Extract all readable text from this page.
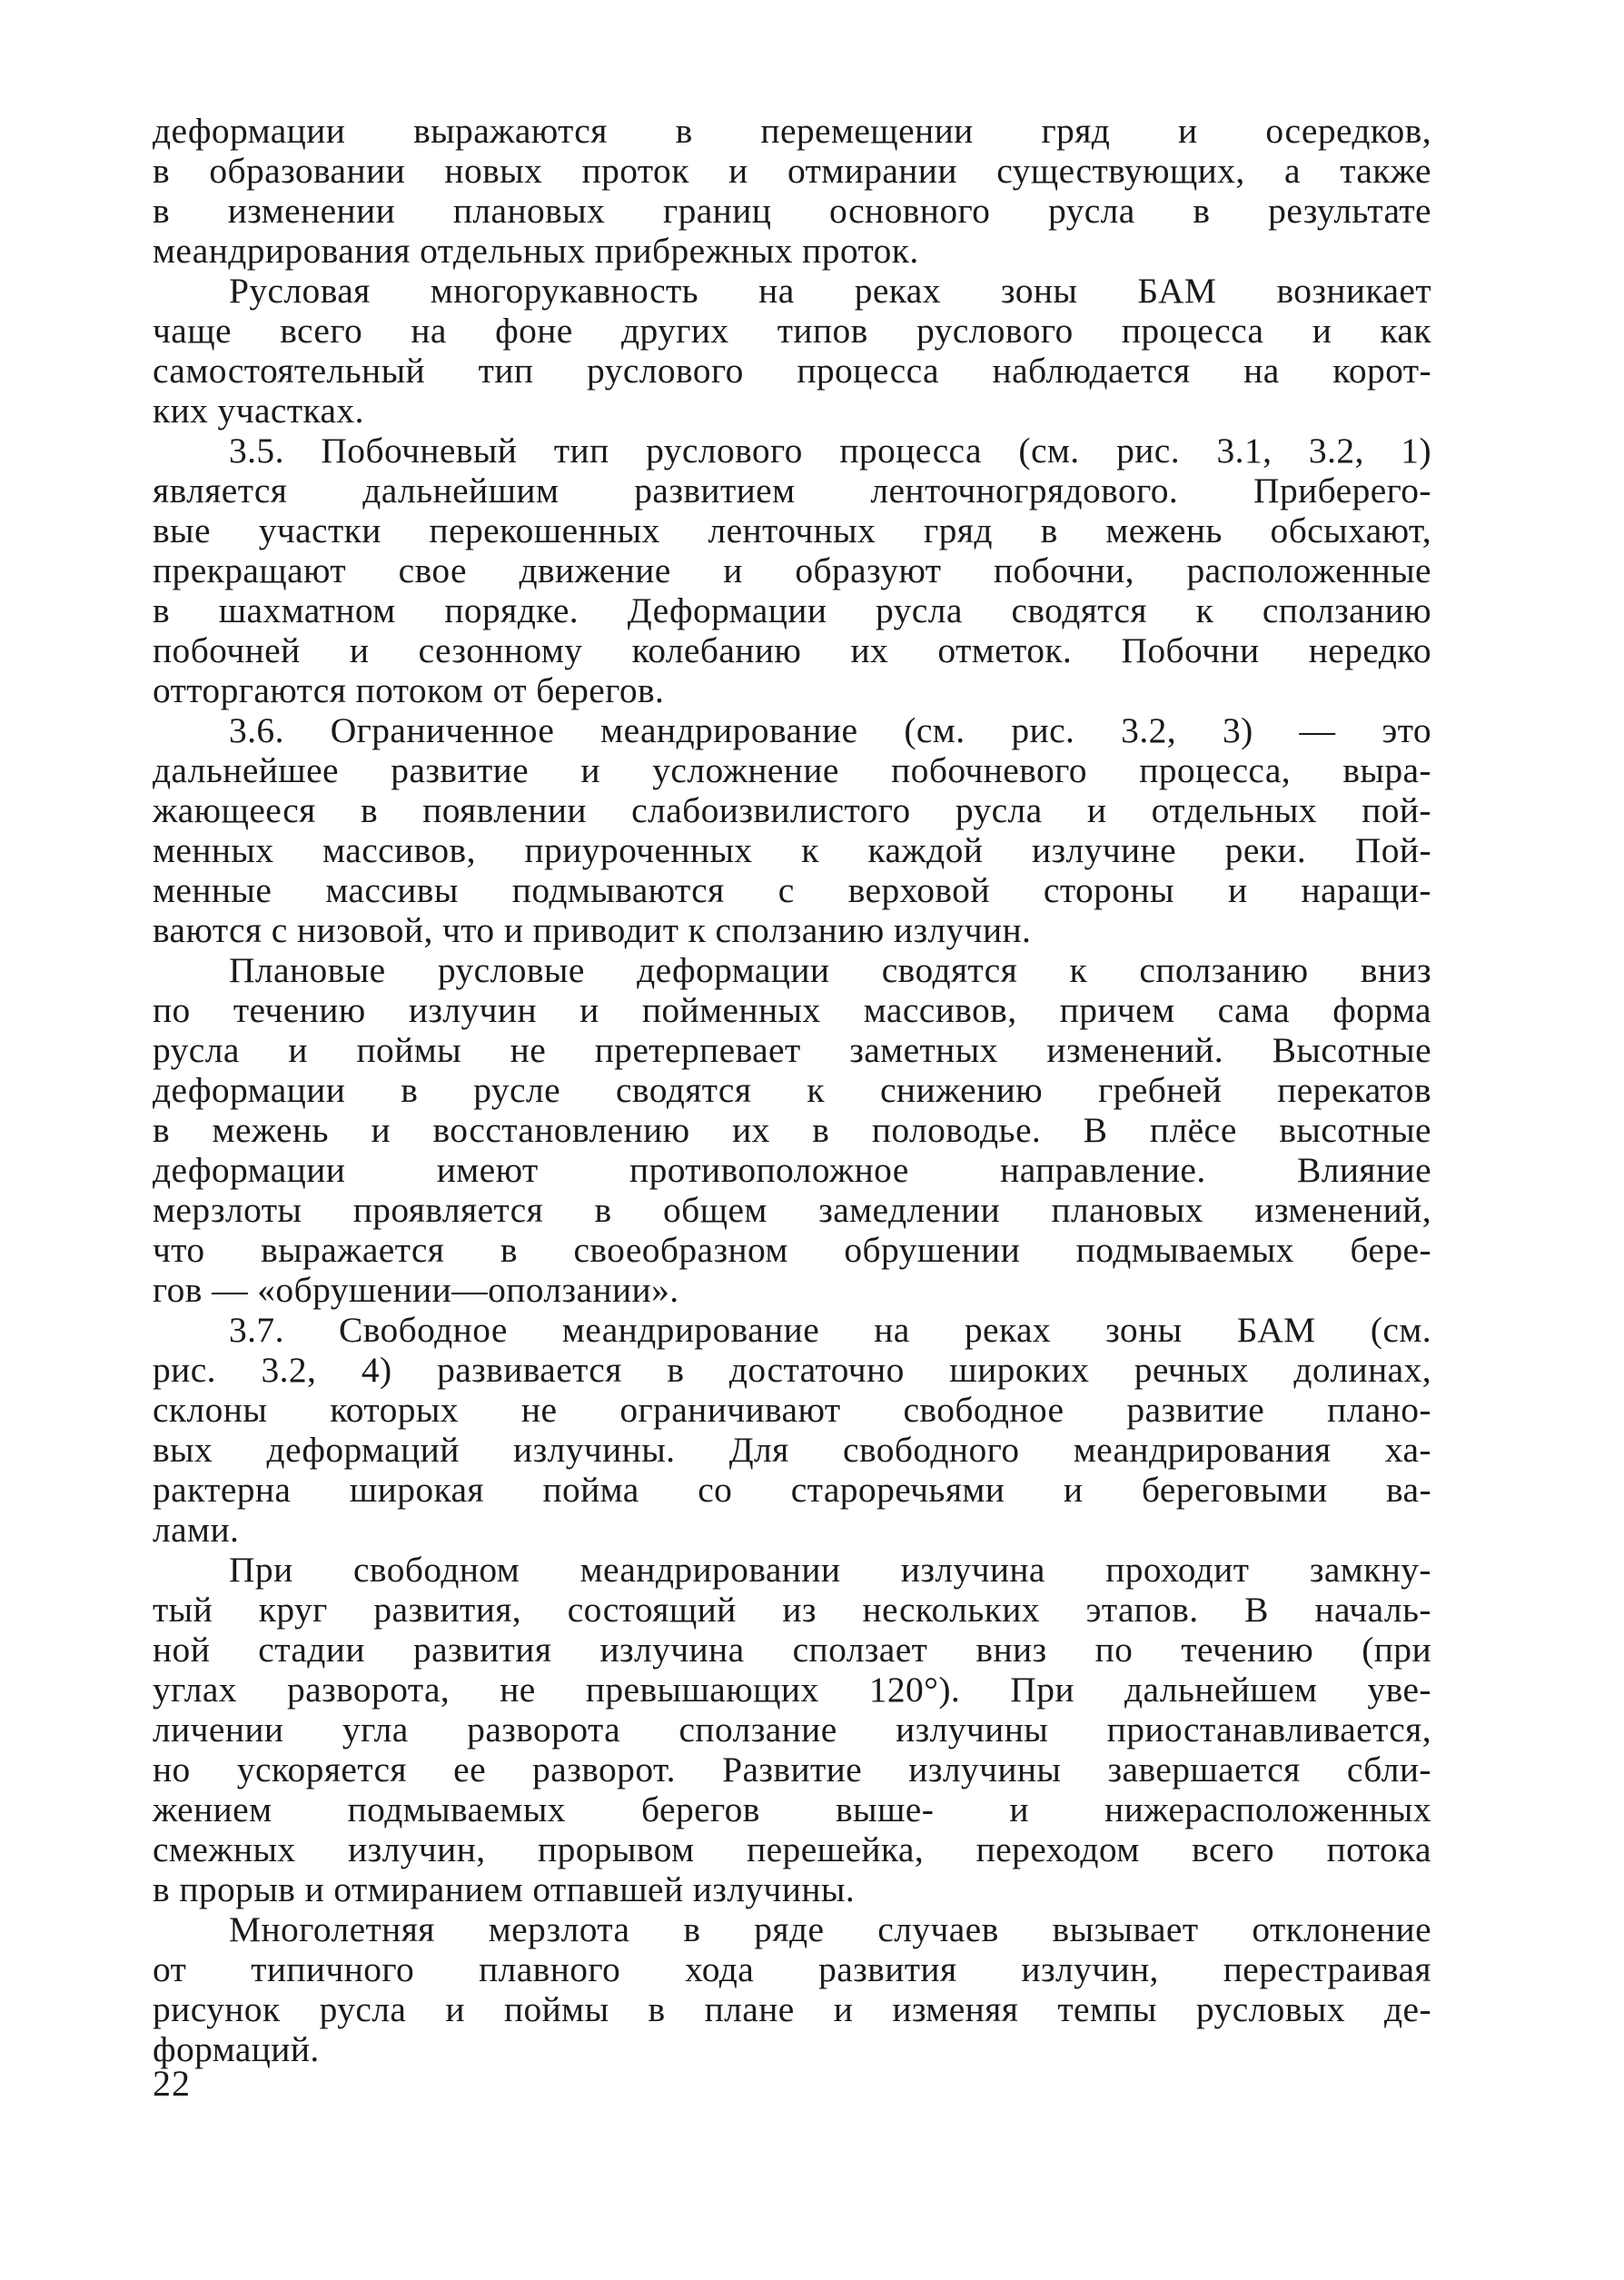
деформации выражаются в перемещении гряд и осередков,

в образовании новых проток и отмирании существующих, а также

в изменении плановых границ основного русла в результате

меандрирования отдельных прибрежных проток.

Русловая многорукавность на реках зоны БАМ возникает

чаще всего на фоне других типов руслового процесса и как

самостоятельный тип руслового процесса наблюдается на корот-

ких участках.

3.5. Побочневый тип руслового процесса (см. рис. 3.1, 3.2, 1)

является дальнейшим развитием ленточногрядового. Приберего-

вые участки перекошенных ленточных гряд в межень обсыхают,

прекращают свое движение и образуют побочни, расположенные

в шахматном порядке. Деформации русла сводятся к сползанию

побочней и сезонному колебанию их отметок. Побочни нередко

отторгаются потоком от берегов.

3.6. Ограниченное меандрирование (см. рис. 3.2, 3) — это

дальнейшее развитие и усложнение побочневого процесса, выра-

жающееся в появлении слабоизвилистого русла и отдельных пой-

менных массивов, приуроченных к каждой излучине реки. Пой-

менные массивы подмываются с верховой стороны и наращи-

ваются с низовой, что и приводит к сползанию излучин.

Плановые русловые деформации сводятся к сползанию вниз

по течению излучин и пойменных массивов, причем сама форма

русла и поймы не претерпевает заметных изменений. Высотные

деформации в русле сводятся к снижению гребней перекатов

в межень и восстановлению их в половодье. В плёсе высотные

деформации имеют противоположное направление. Влияние

мерзлоты проявляется в общем замедлении плановых изменений,

что выражается в своеобразном обрушении подмываемых бере-

гов — «обрушении—оползании».

3.7. Свободное меандрирование на реках зоны БАМ (см.

рис. 3.2, 4) развивается в достаточно широких речных долинах,

склоны которых не ограничивают свободное развитие плано-

вых деформаций излучины. Для свободного меандрирования ха-

рактерна широкая пойма со староречьями и береговыми ва-

лами.

При свободном меандрировании излучина проходит замкну-

тый круг развития, состоящий из нескольких этапов. В началь-

ной стадии развития излучина сползает вниз по течению (при

углах разворота, не превышающих 120°). При дальнейшем уве-

личении угла разворота сползание излучины приостанавливается,

но ускоряется ее разворот. Развитие излучины завершается сбли-

жением подмываемых берегов выше- и нижерасположенных

смежных излучин, прорывом перешейка, переходом всего потока

в прорыв и отмиранием отпавшей излучины.

Многолетняя мерзлота в ряде случаев вызывает отклонение

от типичного плавного хода развития излучин, перестраивая

рисунок русла и поймы в плане и изменяя темпы русловых де-

формаций.

22
